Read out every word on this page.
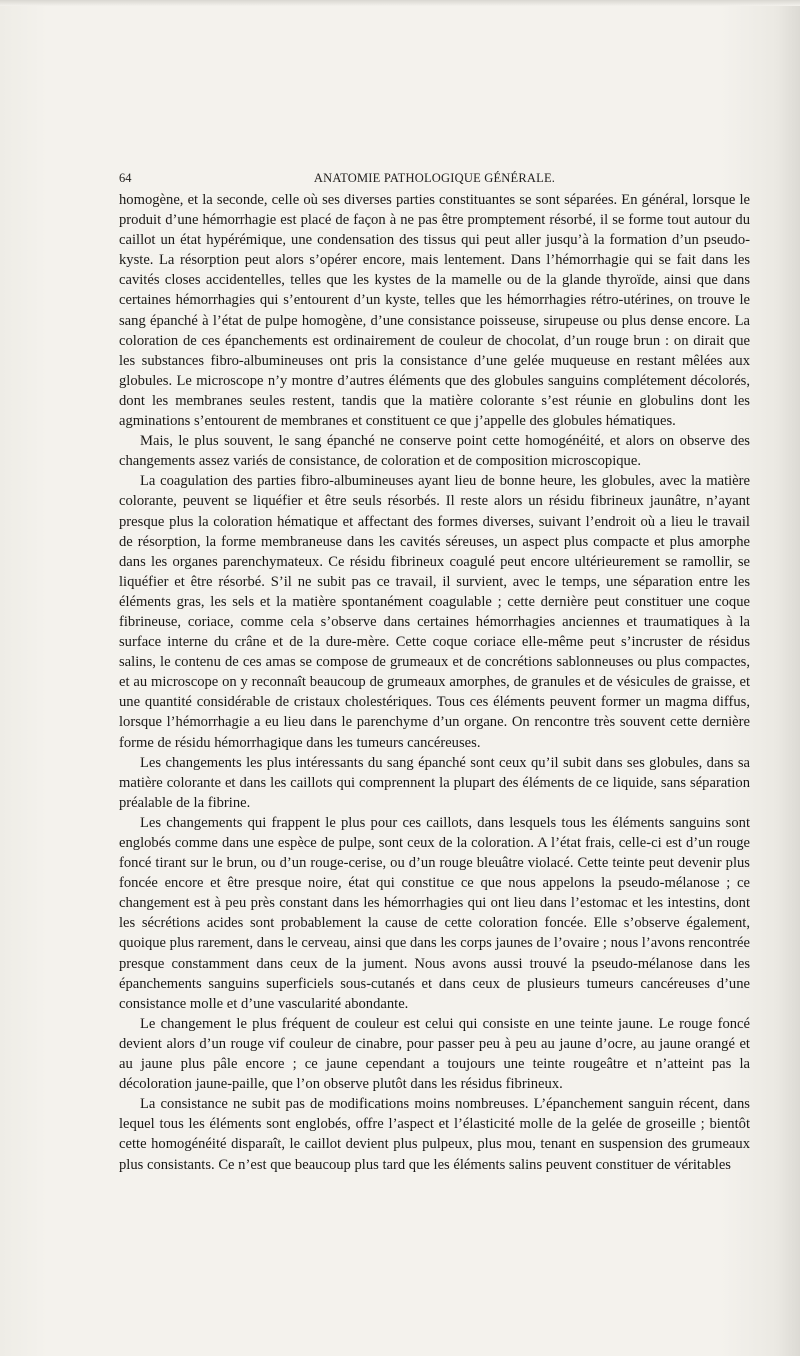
64	ANATOMIE PATHOLOGIQUE GÉNÉRALE.

homogène, et la seconde, celle où ses diverses parties constituantes se sont séparées. En général, lorsque le produit d’une hémorrhagie est placé de façon à ne pas être promptement résorbé, il se forme tout autour du caillot un état hypérémique, une condensation des tissus qui peut aller jusqu’à la formation d’un pseudo-kyste. La résorption peut alors s’opérer encore, mais lentement. Dans l’hémorrhagie qui se fait dans les cavités closes accidentelles, telles que les kystes de la mamelle ou de la glande thyroïde, ainsi que dans certaines hémorrhagies qui s’entourent d’un kyste, telles que les hémorrhagies rétro-utérines, on trouve le sang épanché à l’état de pulpe homogène, d’une consistance poisseuse, sirupeuse ou plus dense encore. La coloration de ces épanchements est ordinairement de couleur de chocolat, d’un rouge brun : on dirait que les substances fibro-albumineuses ont pris la consistance d’une gelée muqueuse en restant mêlées aux globules. Le microscope n’y montre d’autres éléments que des globules sanguins complétement décolorés, dont les membranes seules restent, tandis que la matière colorante s’est réunie en globulins dont les agminations s’entourent de membranes et constituent ce que j’appelle des globules hématiques.

Mais, le plus souvent, le sang épanché ne conserve point cette homogénéité, et alors on observe des changements assez variés de consistance, de coloration et de composition microscopique.

La coagulation des parties fibro-albumineuses ayant lieu de bonne heure, les globules, avec la matière colorante, peuvent se liquéfier et être seuls résorbés. Il reste alors un résidu fibrineux jaunâtre, n’ayant presque plus la coloration hématique et affectant des formes diverses, suivant l’endroit où a lieu le travail de résorption, la forme membraneuse dans les cavités séreuses, un aspect plus compacte et plus amorphe dans les organes parenchymateux. Ce résidu fibrineux coagulé peut encore ultérieurement se ramollir, se liquéfier et être résorbé. S’il ne subit pas ce travail, il survient, avec le temps, une séparation entre les éléments gras, les sels et la matière spontanément coagulable ; cette dernière peut constituer une coque fibrineuse, coriace, comme cela s’observe dans certaines hémorrhagies anciennes et traumatiques à la surface interne du crâne et de la dure-mère. Cette coque coriace elle-même peut s’incruster de résidus salins, le contenu de ces amas se compose de grumeaux et de concrétions sablonneuses ou plus compactes, et au microscope on y reconnaît beaucoup de grumeaux amorphes, de granules et de vésicules de graisse, et une quantité considérable de cristaux cholestériques. Tous ces éléments peuvent former un magma diffus, lorsque l’hémorrhagie a eu lieu dans le parenchyme d’un organe. On rencontre très souvent cette dernière forme de résidu hémorrhagique dans les tumeurs cancéreuses.

Les changements les plus intéressants du sang épanché sont ceux qu’il subit dans ses globules, dans sa matière colorante et dans les caillots qui comprennent la plupart des éléments de ce liquide, sans séparation préalable de la fibrine.

Les changements qui frappent le plus pour ces caillots, dans lesquels tous les éléments sanguins sont englobés comme dans une espèce de pulpe, sont ceux de la coloration. A l’état frais, celle-ci est d’un rouge foncé tirant sur le brun, ou d’un rouge-cerise, ou d’un rouge bleuâtre violacé. Cette teinte peut devenir plus foncée encore et être presque noire, état qui constitue ce que nous appelons la pseudo-mélanose ; ce changement est à peu près constant dans les hémorrhagies qui ont lieu dans l’estomac et les intestins, dont les sécrétions acides sont probablement la cause de cette coloration foncée. Elle s’observe également, quoique plus rarement, dans le cerveau, ainsi que dans les corps jaunes de l’ovaire ; nous l’avons rencontrée presque constamment dans ceux de la jument. Nous avons aussi trouvé la pseudo-mélanose dans les épanchements sanguins superficiels sous-cutanés et dans ceux de plusieurs tumeurs cancéreuses d’une consistance molle et d’une vascularité abondante.

Le changement le plus fréquent de couleur est celui qui consiste en une teinte jaune. Le rouge foncé devient alors d’un rouge vif couleur de cinabre, pour passer peu à peu au jaune d’ocre, au jaune orangé et au jaune plus pâle encore ; ce jaune cependant a toujours une teinte rougeâtre et n’atteint pas la décoloration jaune-paille, que l’on observe plutôt dans les résidus fibrineux.

La consistance ne subit pas de modifications moins nombreuses. L’épanchement sanguin récent, dans lequel tous les éléments sont englobés, offre l’aspect et l’élasticité molle de la gelée de groseille ; bientôt cette homogénéité disparaît, le caillot devient plus pulpeux, plus mou, tenant en suspension des grumeaux plus consistants. Ce n’est que beaucoup plus tard que les éléments salins peuvent constituer de véritables
